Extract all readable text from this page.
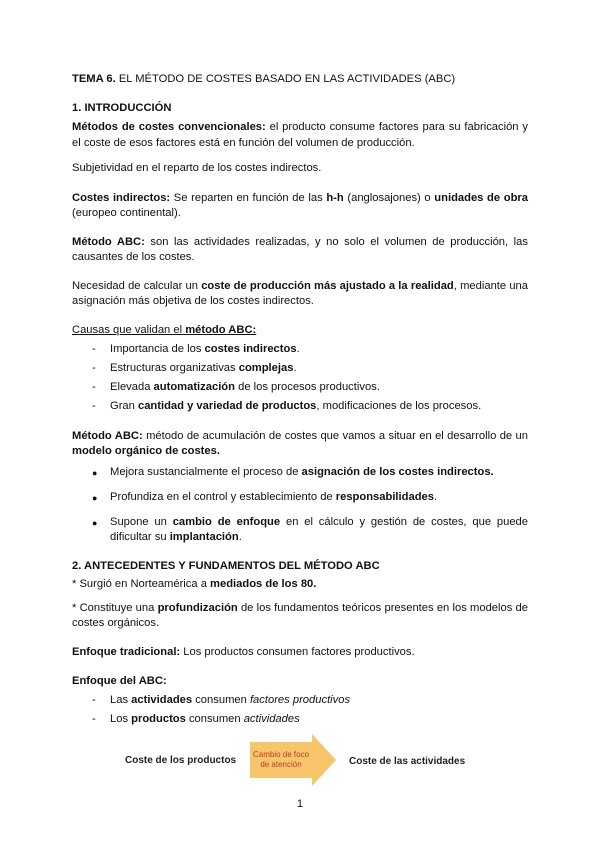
TEMA 6. EL MÉTODO DE COSTES BASADO EN LAS ACTIVIDADES (ABC)

1. INTRODUCCIÓN

Métodos de costes convencionales: el producto consume factores para su fabricación y

el coste de esos factores está en función del volumen de producción.

Subjetividad en el reparto de los costes indirectos.

Costes indirectos: Se reparten en función de las h-h (anglosajones) o unidades de obra

(europeo continental).

Método ABC: son las actividades realizadas, y no solo el volumen de producción, las

causantes de los costes.

Necesidad de calcular un coste de producción más ajustado a la realidad, mediante una

asignación más objetiva de los costes indirectos.

Causas que validan el método ABC:

- Importancia de los costes indirectos.

- Estructuras organizativas complejas.

- Elevada automatización de los procesos productivos.

- Gran cantidad y variedad de productos, modificaciones de los procesos.

Método ABC: método de acumulación de costes que vamos a situar en el desarrollo de un

modelo orgánico de costes.

● Mejora sustancialmente el proceso de asignación de los costes indirectos.

● Profundiza en el control y establecimiento de responsabilidades.

● Supone un cambio de enfoque en el cálculo y gestión de costes, que puede

dificultar su implantación.

2. ANTECEDENTES Y FUNDAMENTOS DEL MÉTODO ABC

* Surgió en Norteamérica a mediados de los 80.

* Constituye una profundización de los fundamentos teóricos presentes en los modelos de

costes orgánicos.

Enfoque tradicional: Los productos consumen factores productivos.

Enfoque del ABC:

- Las actividades consumen factores productivos

- Los productos consumen actividades

Coste de los productos
Cambio de foco
de atención	Coste de las actividades
1
